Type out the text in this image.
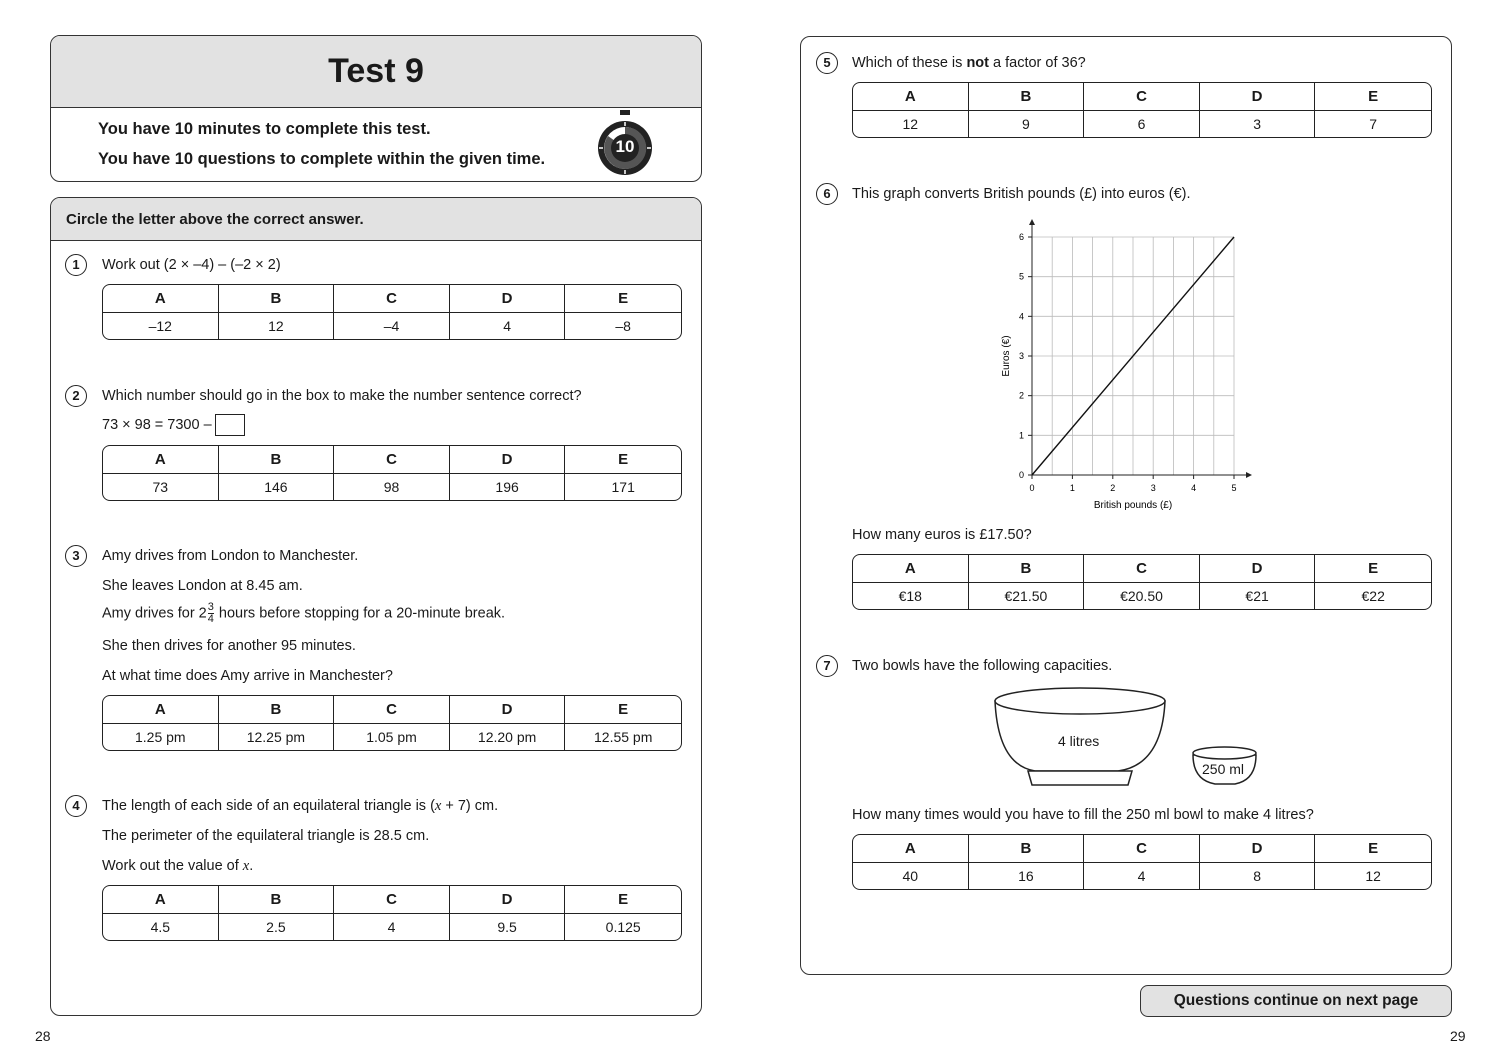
Test 9
You have 10 minutes to complete this test.
You have 10 questions to complete within the given time.
10
Circle the letter above the correct answer.
1	Work out (2 × –4) – (–2 × 2)
A	B	C	D	E
–12	12	–4	4	–8
2	Which number should go in the box to make the number sentence correct?
73 × 98 = 7300 –
A	B	C	D	E
73	146	98	196	171
3	Amy drives from London to Manchester.
She leaves London at 8.45 am.
Amy drives for $2 \frac{3}{4}$ hours before stopping for a 20-minute break.
She then drives for another 95 minutes.
At what time does Amy arrive in Manchester?
A	B	C	D	E
1.25 pm	12.25 pm	1.05 pm	12.20 pm	12.55 pm
4	The length of each side of an equilateral triangle is (x + 7) cm.
The perimeter of the equilateral triangle is 28.5 cm.
Work out the value of x.
A	B	C	D	E
4.5	2.5	4	9.5	0.125
28
5	Which of these is not a factor of 36?
A	B	C	D	E
12	9	6	3	7
6	This graph converts British pounds (£) into euros (€).
0	1	2	3	4	5
0
1
2
3
4
5
6
British pounds (£)
Euros (€)
How many euros is £17.50?
A	B	C	D	E
€18	€21.50	€20.50	€21	€22
7	Two bowls have the following capacities.
4 litres
250 ml
How many times would you have to fill the 250 ml bowl to make 4 litres?
A	B	C	D	E
40	16	4	8	12
Questions continue on next page
29
